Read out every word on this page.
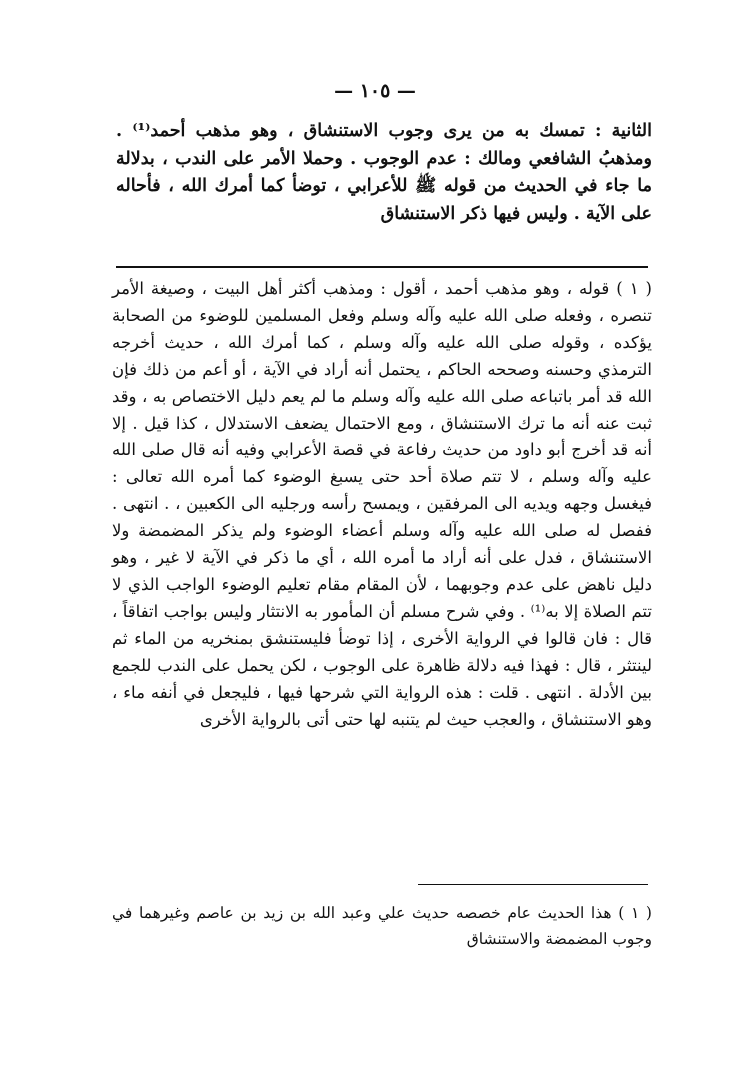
— ١٠٥ —

الثانية : تمسك به من يرى وجوب الاستنشاق ، وهو مذهب أحمد⁽¹⁾ . ومذهبُ الشافعي ومالك : عدم الوجوب . وحملا الأمر على الندب ، بدلالة ما جاء في الحديث من قوله ﷺ للأعرابي ، توضأ كما أمرك الله ، فأحاله على الآية . وليس فيها ذكر الاستنشاق

( ١ ) قوله ، وهو مذهب أحمد ، أقول : ومذهب أكثر أهل البيت ، وصيغة الأمر تنصره ، وفعله صلى الله عليه وآله وسلم وفعل المسلمين للوضوء من الصحابة يؤكده ، وقوله صلى الله عليه وآله وسلم ، كما أمرك الله ، حديث أخرجه الترمذي وحسنه وصححه الحاكم ، يحتمل أنه أراد في الآية ، أو أعم من ذلك فإن الله قد أمر باتباعه صلى الله عليه وآله وسلم ما لم يعم دليل الاختصاص به ، وقد ثبت عنه أنه ما ترك الاستنشاق ، ومع الاحتمال يضعف الاستدلال ، كذا قيل . إلا أنه قد أخرج أبو داود من حديث رفاعة في قصة الأعرابي وفيه أنه قال صلى الله عليه وآله وسلم ، لا تتم صلاة أحد حتى يسبغ الوضوء كما أمره الله تعالى : فيغسل وجهه ويديه الى المرفقين ، ويمسح رأسه ورجليه الى الكعبين ، . انتهى . ففصل له صلى الله عليه وآله وسلم أعضاء الوضوء ولم يذكر المضمضة ولا الاستنشاق ، فدل على أنه أراد ما أمره الله ، أي ما ذكر في الآية لا غير ، وهو دليل ناهض على عدم وجوبهما ، لأن المقام مقام تعليم الوضوء الواجب الذي لا تتم الصلاة إلا به⁽¹⁾ . وفي شرح مسلم أن المأمور به الانتثار وليس بواجب اتفاقاً ، قال : فان قالوا في الرواية الأخرى ، إذا توضأ فليستنشق بمنخريه من الماء ثم لينتثر ، قال : فهذا فيه دلالة ظاهرة على الوجوب ، لكن يحمل على الندب للجمع بين الأدلة . انتهى . قلت : هذه الرواية التي شرحها فيها ، فليجعل في أنفه ماء ، وهو الاستنشاق ، والعجب حيث لم يتنبه لها حتى أتى بالرواية الأخرى

( ١ ) هذا الحديث عام خصصه حديث علي وعبد الله بن زيد بن عاصم وغيرهما في وجوب المضمضة والاستنشاق
